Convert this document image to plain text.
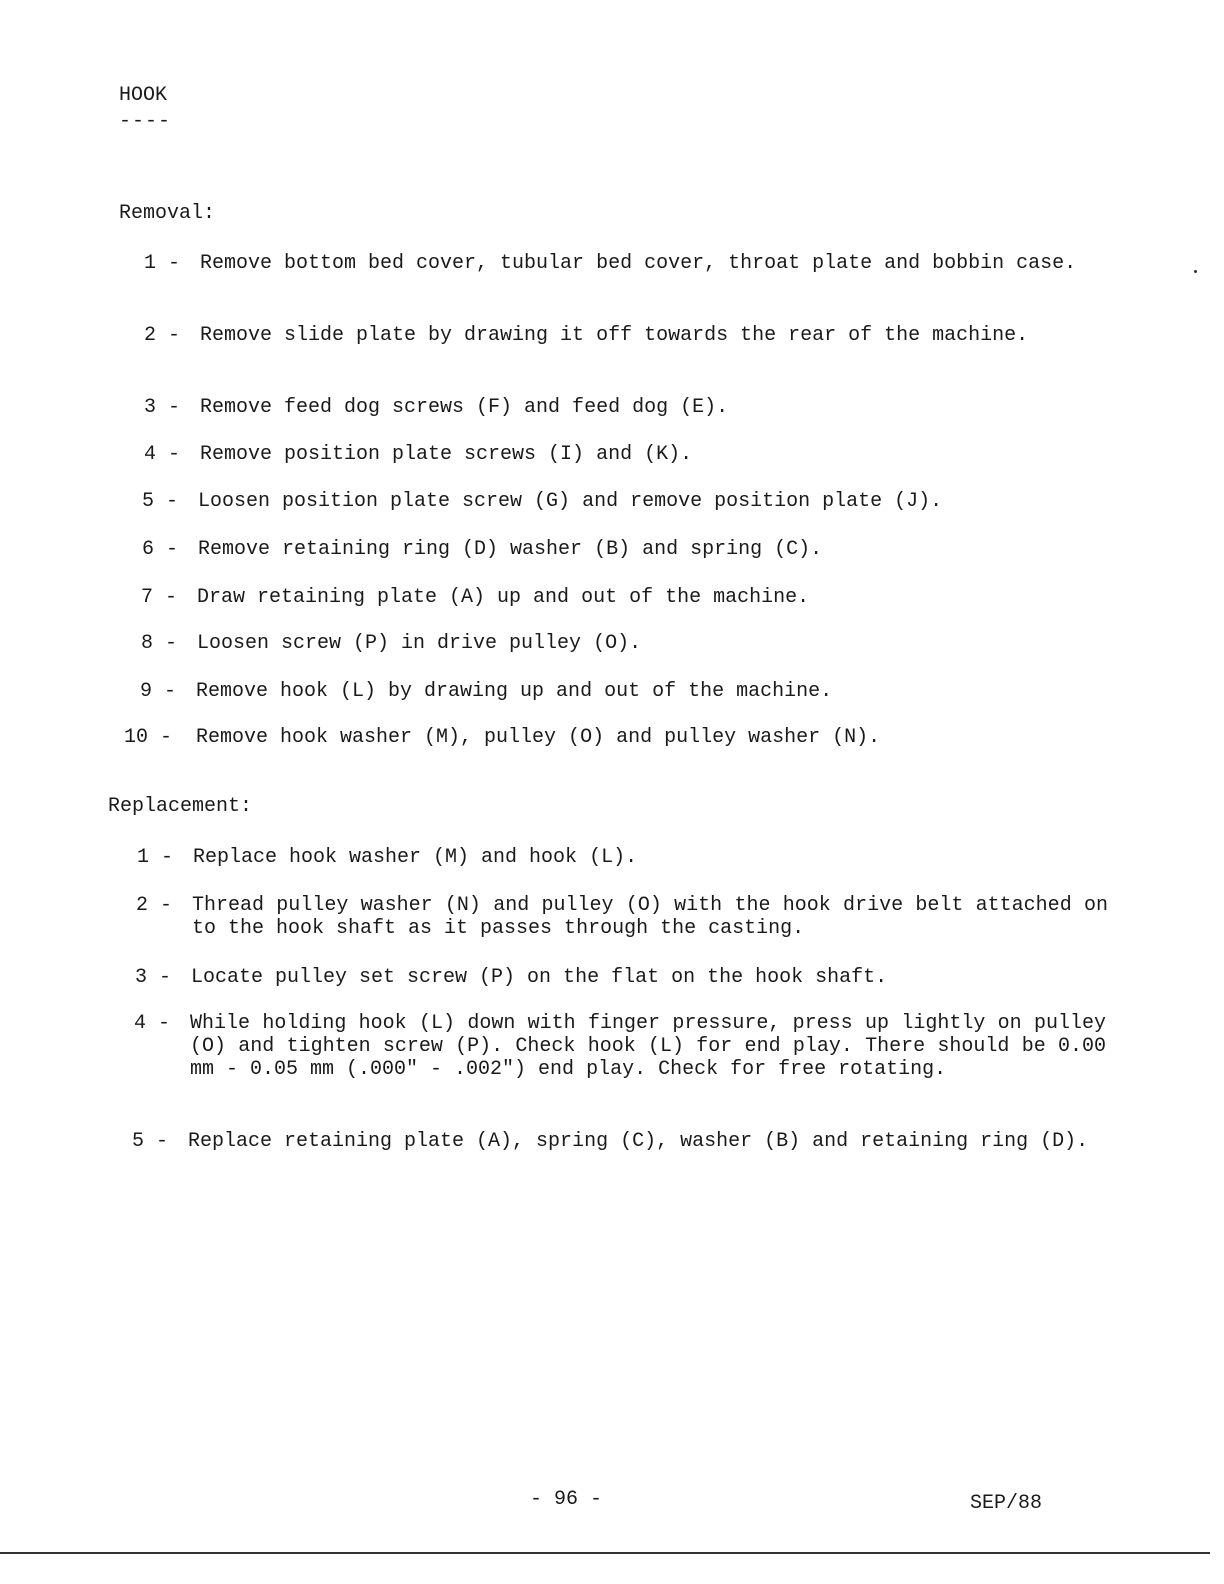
HOOK
----
Removal:
1 - Remove bottom bed cover, tubular bed cover, throat plate and bobbin case.
2 - Remove slide plate by drawing it off towards the rear of the machine.
3 - Remove feed dog screws (F) and feed dog (E).
4 - Remove position plate screws (I) and (K).
5 - Loosen position plate screw (G) and remove position plate (J).
6 - Remove retaining ring (D) washer (B) and spring (C).
7 - Draw retaining plate (A) up and out of the machine.
8 - Loosen screw (P) in drive pulley (O).
9 - Remove hook (L) by drawing up and out of the machine.
10 -	Remove hook washer (M), pulley (O) and pulley washer (N).
Replacement:
1 - Replace hook washer (M) and hook (L).
2 - Thread pulley washer (N) and pulley (O) with the hook drive belt attached on to the hook shaft as it passes through the casting.
3 - Locate pulley set screw (P) on the flat on the hook shaft.
4 - While holding hook (L) down with finger pressure, press up lightly on pulley (O) and tighten screw (P). Check hook (L) for end play. There should be 0.00 mm - 0.05 mm (.000" - .002") end play. Check for free rotating.
5 - Replace retaining plate (A), spring (C), washer (B) and retaining ring (D).
- 96 -	SEP/88
